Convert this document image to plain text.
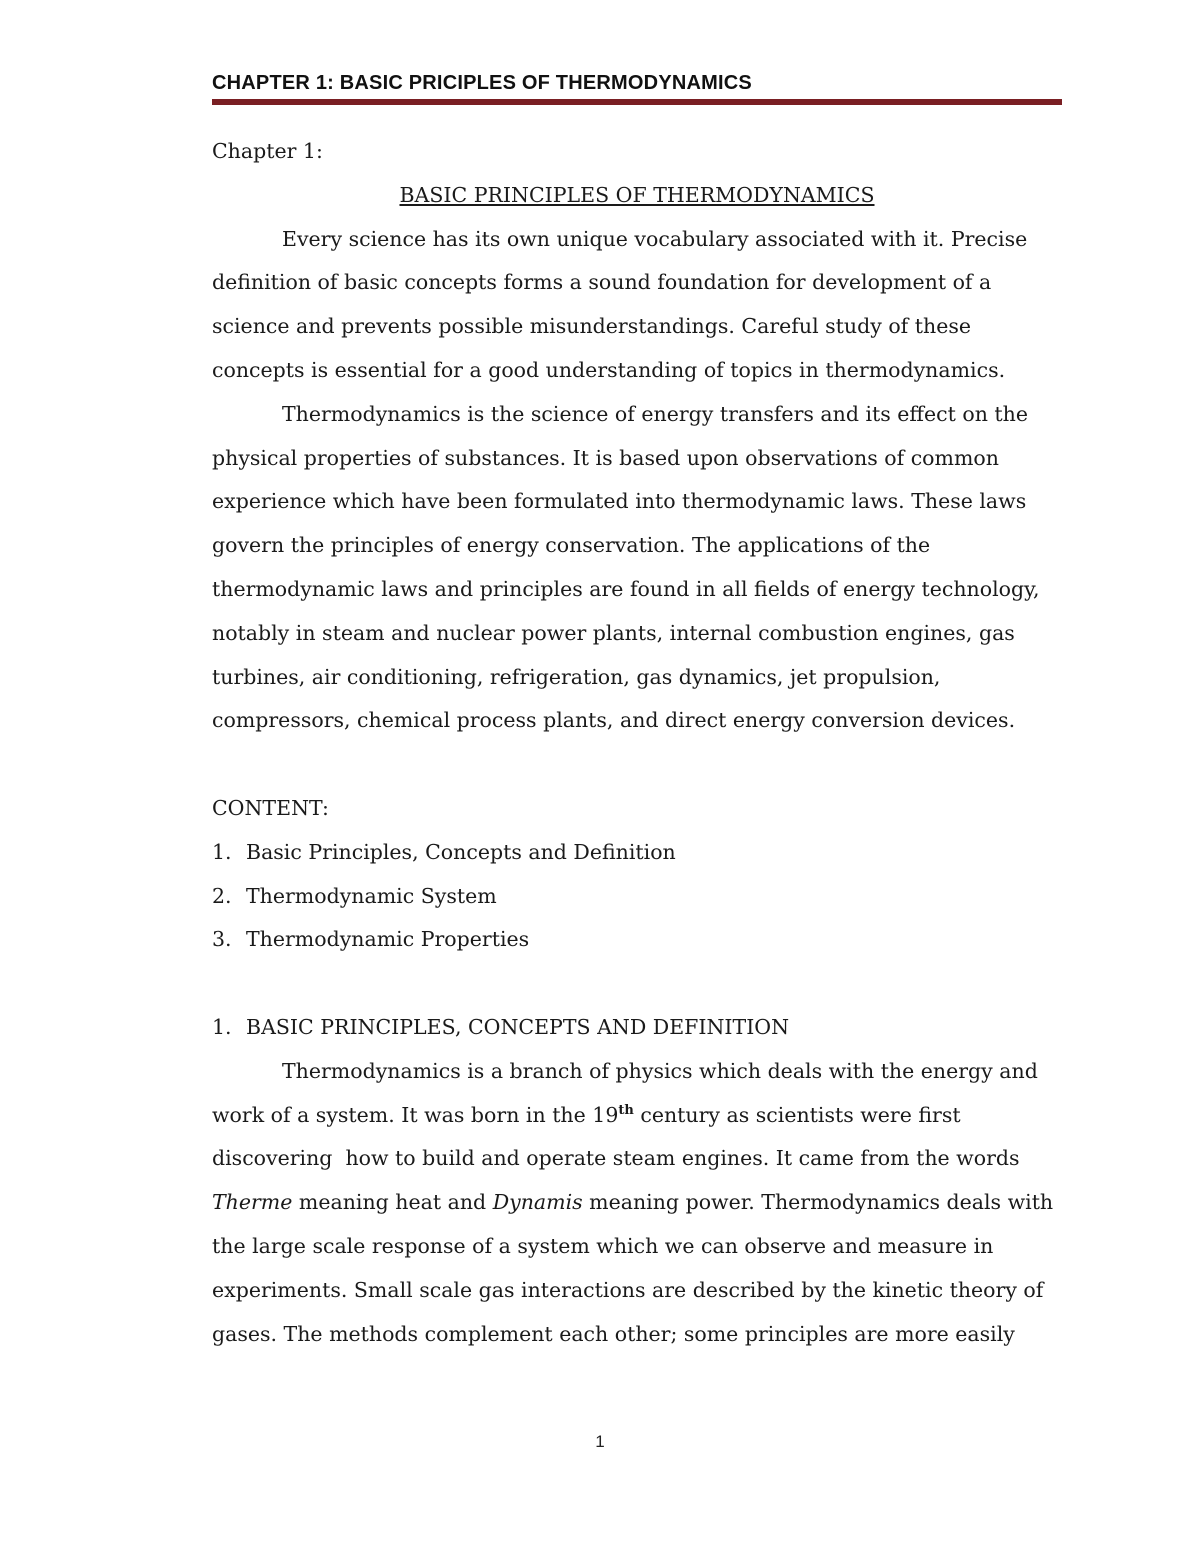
CHAPTER 1: BASIC PRICIPLES OF THERMODYNAMICS
Chapter 1:
BASIC PRINCIPLES OF THERMODYNAMICS
Every science has its own unique vocabulary associated with it. Precise
definition of basic concepts forms a sound foundation for development of a
science and prevents possible misunderstandings. Careful study of these
concepts is essential for a good understanding of topics in thermodynamics.
Thermodynamics is the science of energy transfers and its effect on the
physical properties of substances. It is based upon observations of common
experience which have been formulated into thermodynamic laws. These laws
govern the principles of energy conservation. The applications of the
thermodynamic laws and principles are found in all fields of energy technology,
notably in steam and nuclear power plants, internal combustion engines, gas
turbines, air conditioning, refrigeration, gas dynamics, jet propulsion,
compressors, chemical process plants, and direct energy conversion devices.
CONTENT:
1. Basic Principles, Concepts and Definition
2. Thermodynamic System
3. Thermodynamic Properties
1. BASIC PRINCIPLES, CONCEPTS AND DEFINITION
Thermodynamics is a branch of physics which deals with the energy and
work of a system. It was born in the 19th century as scientists were first
discovering  how to build and operate steam engines. It came from the words
Therme meaning heat and Dynamis meaning power. Thermodynamics deals with
the large scale response of a system which we can observe and measure in
experiments. Small scale gas interactions are described by the kinetic theory of
gases. The methods complement each other; some principles are more easily
1
